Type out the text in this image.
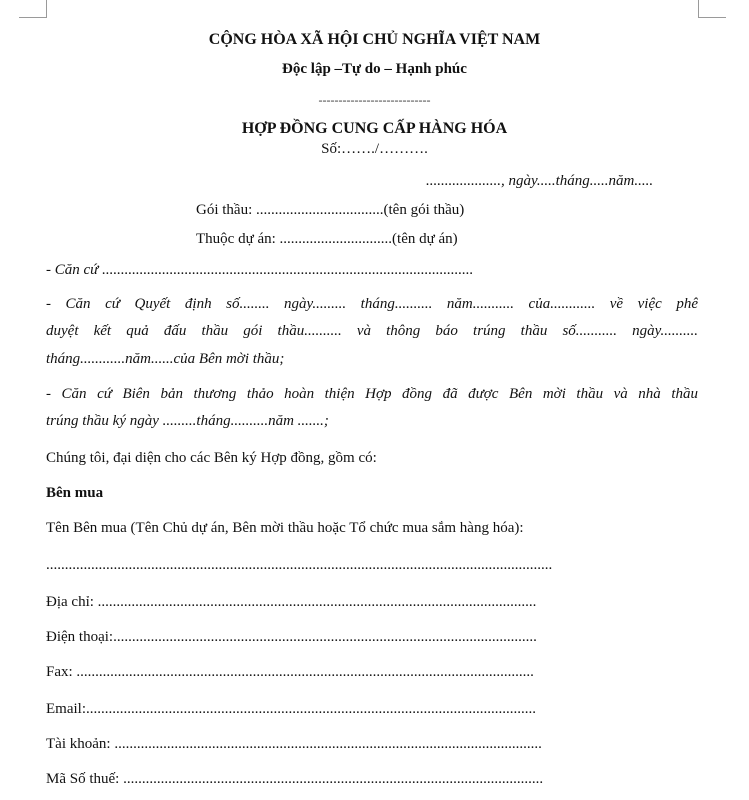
CỘNG HÒA XÃ HỘI CHỦ NGHĨA VIỆT NAM
Độc lập –Tự do – Hạnh phúc
----------------------------
HỢP ĐỒNG CUNG CẤP HÀNG HÓA
Số:……./……….
...................., ngày.....tháng.....năm.....
Gói thầu: ..................................(tên gói thầu)
Thuộc dự án: ..............................(tên dự án)
- Căn cứ ...................................................................................................
- Căn cứ Quyết định số........ ngày......... tháng.......... năm........... của............ về việc phê
duyệt kết quả đấu thầu gói thầu.......... và thông báo trúng thầu số........... ngày..........
tháng............năm......của Bên mời thầu;
- Căn cứ Biên bản thương thảo hoàn thiện Hợp đồng đã được Bên mời thầu và nhà thầu
trúng thầu ký ngày .........tháng..........năm .......;
Chúng tôi, đại diện cho các Bên ký Hợp đồng, gồm có:
Bên mua
Tên Bên mua (Tên Chủ dự án, Bên mời thầu hoặc Tổ chức mua sắm hàng hóa):
.......................................................................................................................................
Địa chỉ: .....................................................................................................................
Điện thoại:.................................................................................................................
Fax: ..........................................................................................................................
Email:........................................................................................................................
Tài khoản: ..................................................................................................................
Mã Số thuế: ................................................................................................................
